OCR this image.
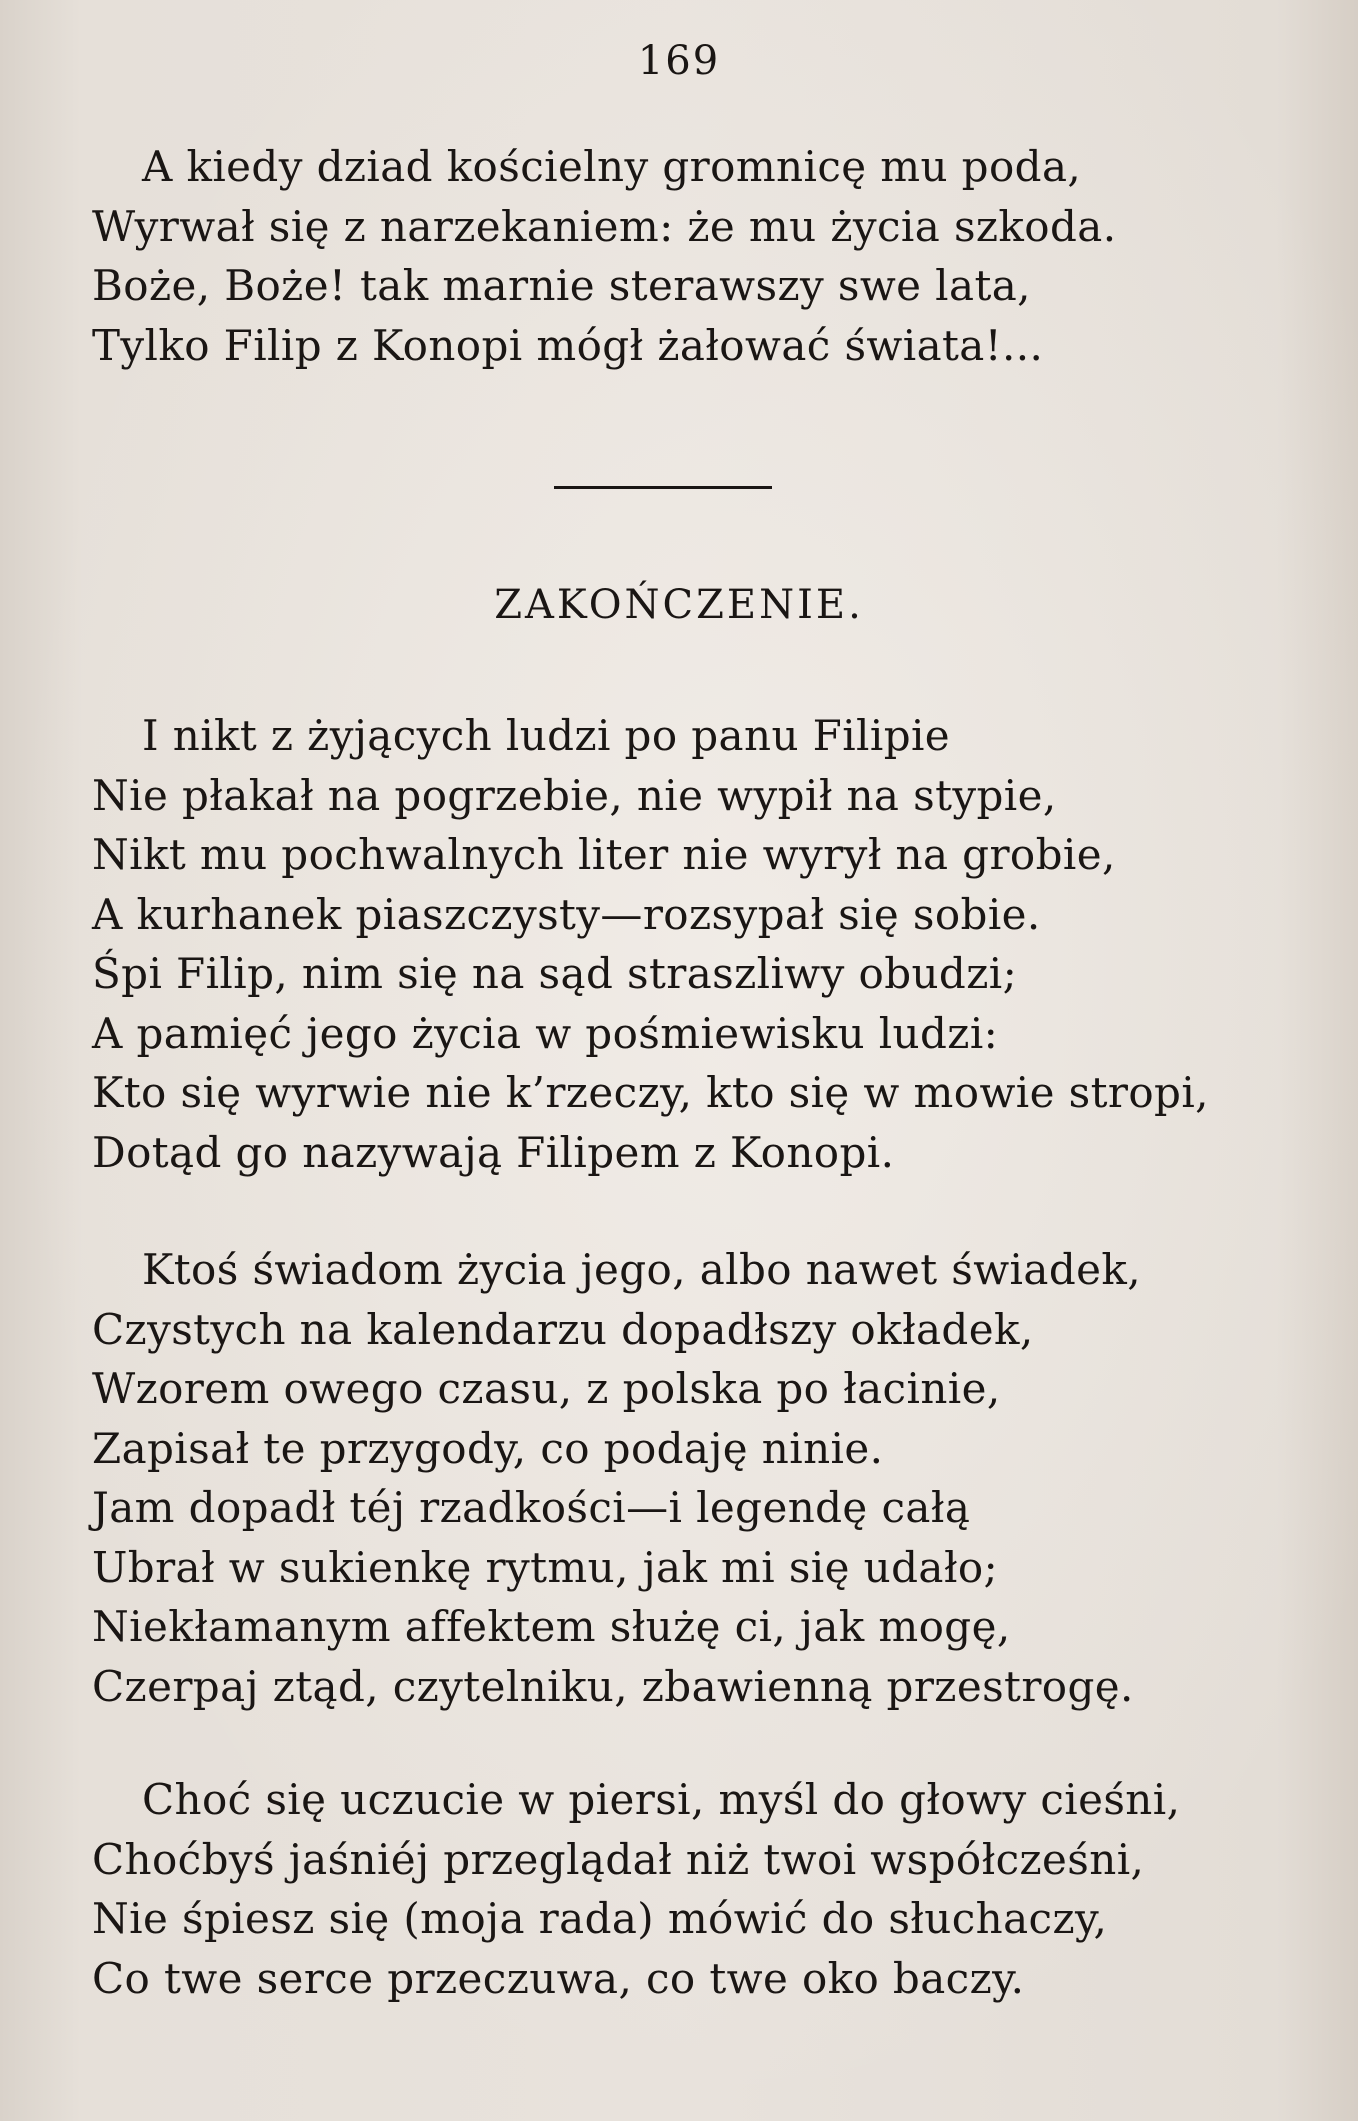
169
A kiedy dziad kościelny gromnicę mu poda,
Wyrwał się z narzekaniem: że mu życia szkoda.
Boże, Boże! tak marnie sterawszy swe lata,
Tylko Filip z Konopi mógł żałować świata!...
ZAKOŃCZENIE.
I nikt z żyjących ludzi po panu Filipie
Nie płakał na pogrzebie, nie wypił na stypie,
Nikt mu pochwalnych liter nie wyrył na grobie,
A kurhanek piaszczysty—rozsypał się sobie.
Śpi Filip, nim się na sąd straszliwy obudzi;
A pamięć jego życia w pośmiewisku ludzi:
Kto się wyrwie nie k’rzeczy, kto się w mowie stropi,
Dotąd go nazywają Filipem z Konopi.
Ktoś świadom życia jego, albo nawet świadek,
Czystych na kalendarzu dopadłszy okładek,
Wzorem owego czasu, z polska po łacinie,
Zapisał te przygody, co podaję ninie.
Jam dopadł téj rzadkości—i legendę całą
Ubrał w sukienkę rytmu, jak mi się udało;
Niekłamanym affektem służę ci, jak mogę,
Czerpaj ztąd, czytelniku, zbawienną przestrogę.
Choć się uczucie w piersi, myśl do głowy cieśni,
Choćbyś jaśniéj przeglądał niż twoi współcześni,
Nie śpiesz się (moja rada) mówić do słuchaczy,
Co twe serce przeczuwa, co twe oko baczy.
